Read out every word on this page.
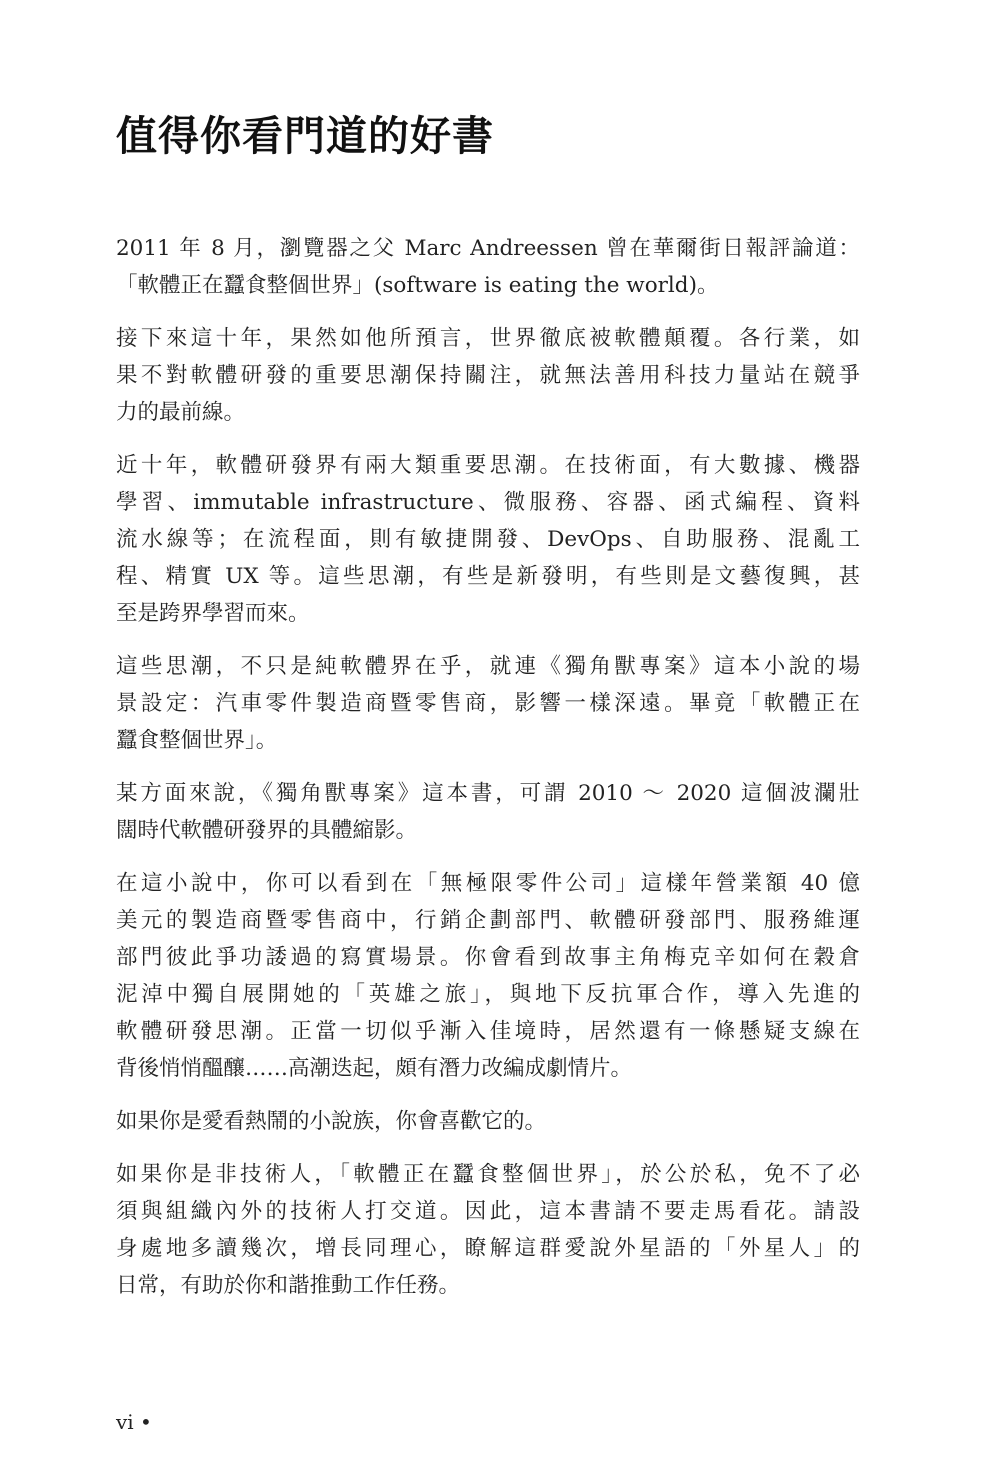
值得你看門道的好書

2011 年 8 月，瀏覽器之父 Marc Andreessen 曾在華爾街日報評論道：
「軟體正在蠶食整個世界」(software is eating the world)。

接下來這十年，果然如他所預言，世界徹底被軟體顛覆。各行業，如
果不對軟體研發的重要思潮保持關注，就無法善用科技力量站在競爭
力的最前線。

近十年，軟體研發界有兩大類重要思潮。在技術面，有大數據、機器
學習、immutable infrastructure、微服務、容器、函式編程、資料
流水線等；在流程面，則有敏捷開發、DevOps、自助服務、混亂工
程、精實 UX 等。這些思潮，有些是新發明，有些則是文藝復興，甚
至是跨界學習而來。

這些思潮，不只是純軟體界在乎，就連《獨角獸專案》這本小說的場
景設定：汽車零件製造商暨零售商，影響一樣深遠。畢竟「軟體正在
蠶食整個世界」。

某方面來說，《獨角獸專案》這本書，可謂 2010 ～ 2020 這個波瀾壯
闊時代軟體研發界的具體縮影。

在這小說中，你可以看到在「無極限零件公司」這樣年營業額 40 億
美元的製造商暨零售商中，行銷企劃部門、軟體研發部門、服務維運
部門彼此爭功諉過的寫實場景。你會看到故事主角梅克辛如何在穀倉
泥淖中獨自展開她的「英雄之旅」，與地下反抗軍合作，導入先進的
軟體研發思潮。正當一切似乎漸入佳境時，居然還有一條懸疑支線在
背後悄悄醞釀……高潮迭起，頗有潛力改編成劇情片。

如果你是愛看熱鬧的小說族，你會喜歡它的。

如果你是非技術人，「軟體正在蠶食整個世界」，於公於私，免不了必
須與組織內外的技術人打交道。因此，這本書請不要走馬看花。請設
身處地多讀幾次，增長同理心，瞭解這群愛說外星語的「外星人」的
日常，有助於你和諧推動工作任務。

vi •
